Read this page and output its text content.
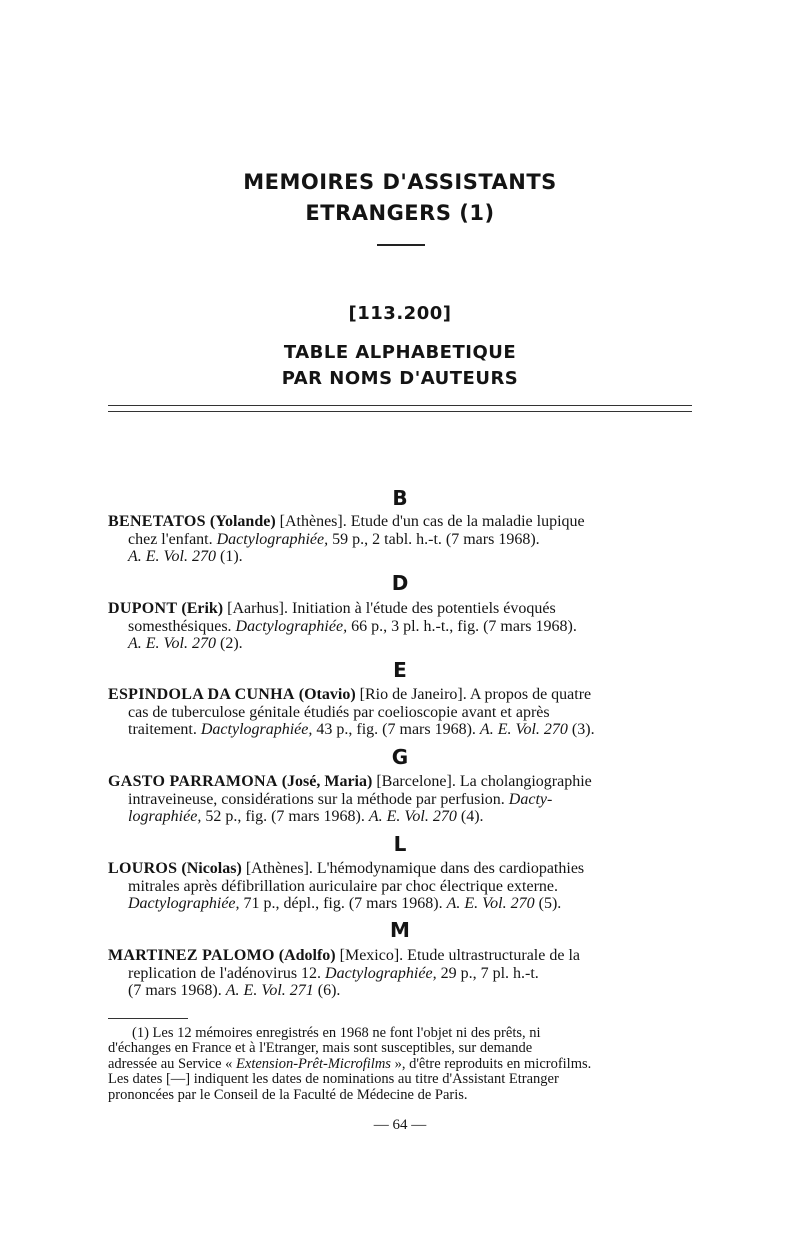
MEMOIRES D'ASSISTANTS
ETRANGERS (1)
[113.200]
TABLE ALPHABETIQUE
PAR NOMS D'AUTEURS
B
BENETATOS (Yolande) [Athènes]. Etude d'un cas de la maladie lupique
chez l'enfant. Dactylographiée, 59 p., 2 tabl. h.-t. (7 mars 1968).
A. E. Vol. 270 (1).
D
DUPONT (Erik) [Aarhus]. Initiation à l'étude des potentiels évoqués
somesthésiques. Dactylographiée, 66 p., 3 pl. h.-t., fig. (7 mars 1968).
A. E. Vol. 270 (2).
E
ESPINDOLA DA CUNHA (Otavio) [Rio de Janeiro]. A propos de quatre
cas de tuberculose génitale étudiés par coelioscopie avant et après
traitement. Dactylographiée, 43 p., fig. (7 mars 1968). A. E. Vol. 270 (3).
G
GASTO PARRAMONA (José, Maria) [Barcelone]. La cholangiographie
intraveineuse, considérations sur la méthode par perfusion. Dacty-
lographiée, 52 p., fig. (7 mars 1968). A. E. Vol. 270 (4).
L
LOUROS (Nicolas) [Athènes]. L'hémodynamique dans des cardiopathies
mitrales après défibrillation auriculaire par choc électrique externe.
Dactylographiée, 71 p., dépl., fig. (7 mars 1968). A. E. Vol. 270 (5).
M
MARTINEZ PALOMO (Adolfo) [Mexico]. Etude ultrastructurale de la
replication de l'adénovirus 12. Dactylographiée, 29 p., 7 pl. h.-t.
(7 mars 1968). A. E. Vol. 271 (6).
(1) Les 12 mémoires enregistrés en 1968 ne font l'objet ni des prêts, ni
d'échanges en France et à l'Etranger, mais sont susceptibles, sur demande
adressée au Service « Extension-Prêt-Microfilms », d'être reproduits en microfilms.
Les dates [—] indiquent les dates de nominations au titre d'Assistant Etranger
prononcées par le Conseil de la Faculté de Médecine de Paris.
— 64 —
